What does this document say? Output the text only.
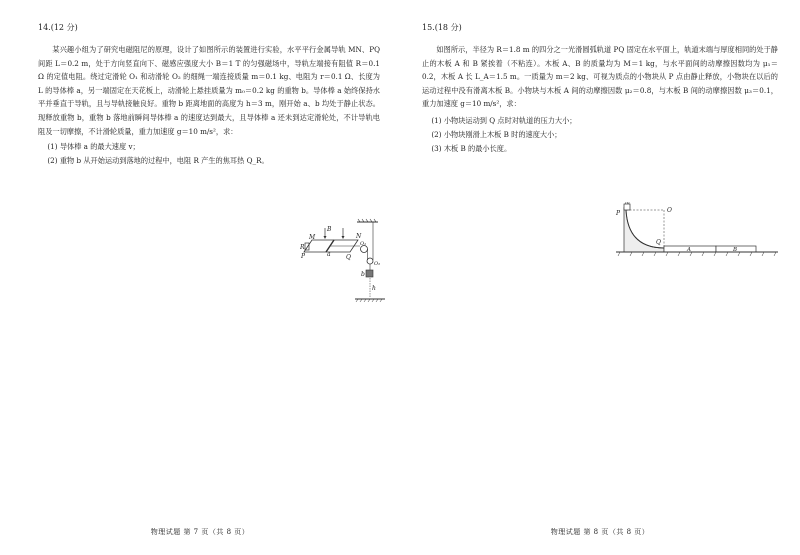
14.(12 分)

某兴趣小组为了研究电磁阻尼的原理，设计了如图所示的装置进行实验，水平平行金属导轨 MN、PQ 间距 L＝0.2 m，处于方向竖直向下、磁感应强度大小 B＝1 T 的匀强磁场中，导轨左端接有阻值 R＝0.1 Ω 的定值电阻。绕过定滑轮 O₁ 和动滑轮 O₂ 的细绳一端连接质量 m＝0.1 kg、电阻为 r＝0.1 Ω、长度为 L 的导体棒 a，另一端固定在天花板上，动滑轮上悬挂质量为 m₀＝0.2 kg 的重物 b。导体棒 a 始终保持水平并垂直于导轨，且与导轨接触良好。重物 b 距离地面的高度为 h＝3 m，刚开始 a、b 均处于静止状态。现释放重物 b，重物 b 落地前瞬间导体棒 a 的速度达到最大，且导体棒 a 还未到达定滑轮处，不计导轨电阻及一切摩擦，不计滑轮质量，重力加速度 g＝10 m/s²，求：

(1) 导体棒 a 的最大速度 v；

(2) 重物 b 从开始运动到落地的过程中，电阻 R 产生的焦耳热 Q_R。

M	N
R
P	Q
B
a
O₁
O₂
b
h
15.(18 分)

如图所示，半径为 R＝1.8 m 的四分之一光滑圆弧轨道 PQ 固定在水平面上，轨道末端与厚度相同的处于静止的木板 A 和 B 紧挨着（不粘连）。木板 A、B 的质量均为 M＝1 kg，与水平面间的动摩擦因数均为 μ₁＝0.2，木板 A 长 L_A＝1.5 m。一质量为 m＝2 kg、可视为质点的小物块从 P 点由静止释放，小物块在以后的运动过程中没有滑离木板 B。小物块与木板 A 间的动摩擦因数 μ₂＝0.8，与木板 B 间的动摩擦因数 μ₃＝0.1，重力加速度 g＝10 m/s²，求：

(1) 小物块运动到 Q 点时对轨道的压力大小；

(2) 小物块刚滑上木板 B 时的速度大小；

(3) 木板 B 的最小长度。

P
m
O
Q
A	B
物理试题 第 7 页（共 8 页）	物理试题 第 8 页（共 8 页）
